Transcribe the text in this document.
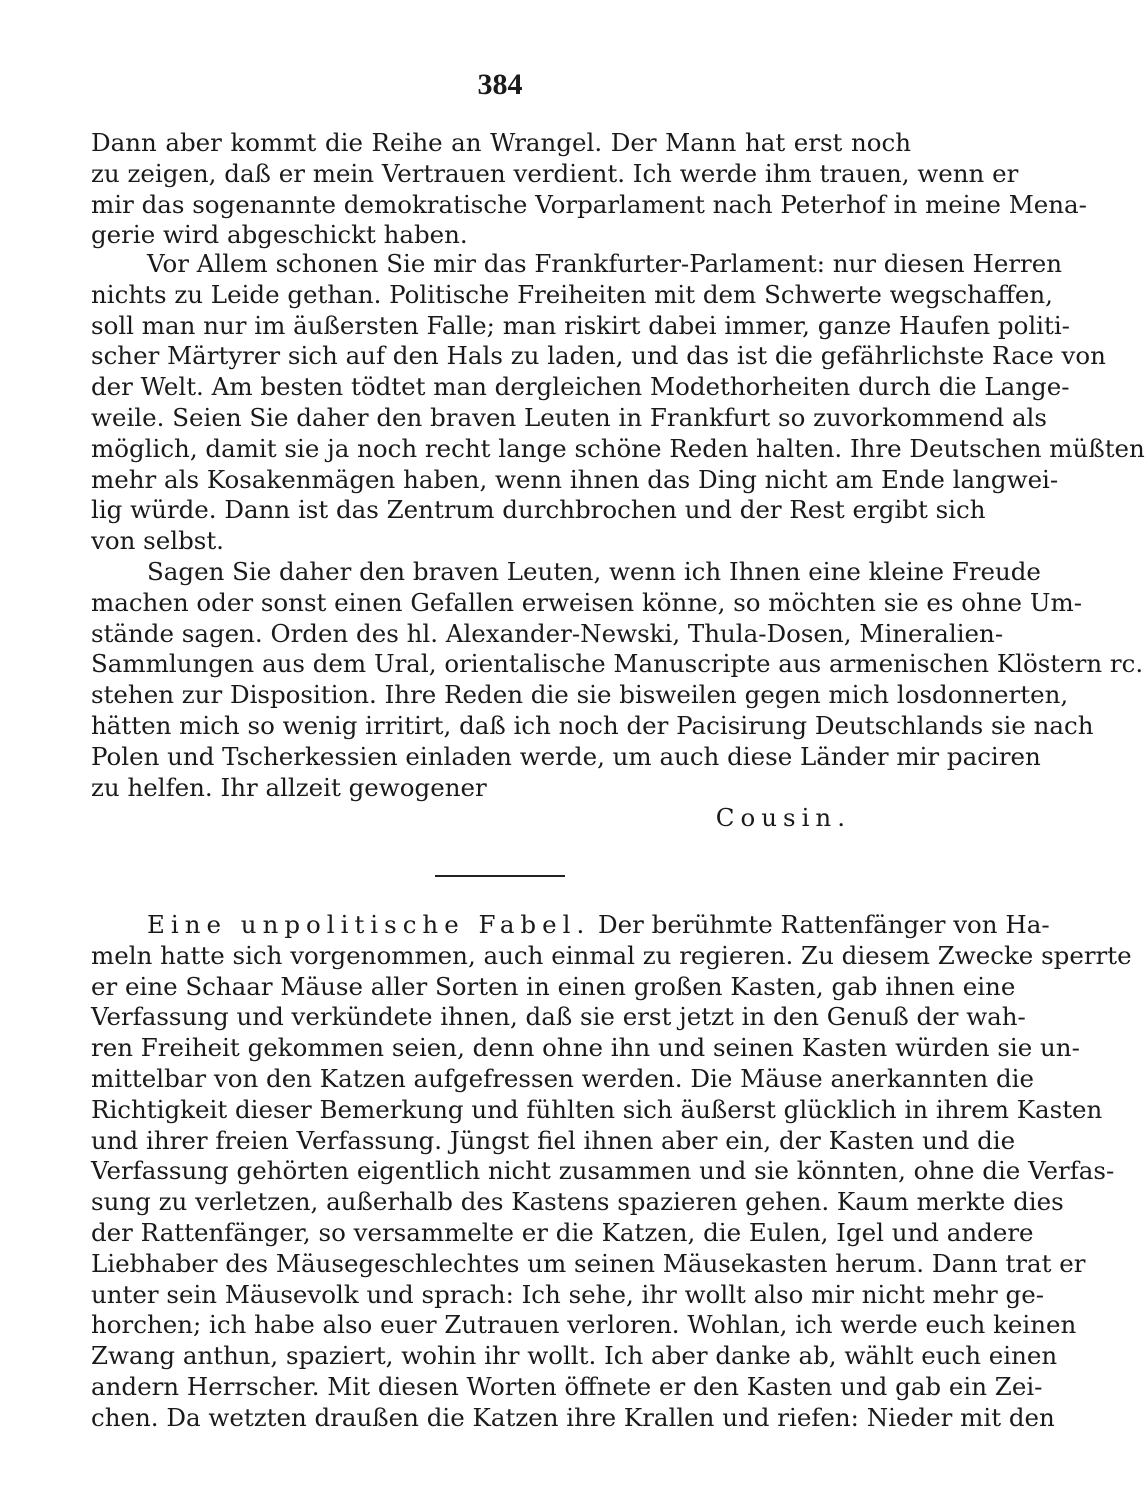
384
Dann aber kommt die Reihe an Wrangel. Der Mann hat erst noch
zu zeigen, daß er mein Vertrauen verdient. Ich werde ihm trauen, wenn er
mir das sogenannte demokratische Vorparlament nach Peterhof in meine Mena-
gerie wird abgeschickt haben.
Vor Allem schonen Sie mir das Frankfurter-Parlament: nur diesen Herren
nichts zu Leide gethan. Politische Freiheiten mit dem Schwerte wegschaffen,
soll man nur im äußersten Falle; man riskirt dabei immer, ganze Haufen politi-
scher Märtyrer sich auf den Hals zu laden, und das ist die gefährlichste Race von
der Welt. Am besten tödtet man dergleichen Modethorheiten durch die Lange-
weile. Seien Sie daher den braven Leuten in Frankfurt so zuvorkommend als
möglich, damit sie ja noch recht lange schöne Reden halten. Ihre Deutschen müßten
mehr als Kosakenmägen haben, wenn ihnen das Ding nicht am Ende langwei-
lig würde. Dann ist das Zentrum durchbrochen und der Rest ergibt sich
von selbst.
Sagen Sie daher den braven Leuten, wenn ich Ihnen eine kleine Freude
machen oder sonst einen Gefallen erweisen könne, so möchten sie es ohne Um-
stände sagen. Orden des hl. Alexander-Newski, Thula-Dosen, Mineralien-
Sammlungen aus dem Ural, orientalische Manuscripte aus armenischen Klöstern rc.
stehen zur Disposition. Ihre Reden die sie bisweilen gegen mich losdonnerten,
hätten mich so wenig irritirt, daß ich noch der Pacisirung Deutschlands sie nach
Polen und Tscherkessien einladen werde, um auch diese Länder mir paciren
zu helfen. Ihr allzeit gewogener
Cousin.
Eine unpolitische Fabel. Der berühmte Rattenfänger von Ha-
meln hatte sich vorgenommen, auch einmal zu regieren. Zu diesem Zwecke sperrte
er eine Schaar Mäuse aller Sorten in einen großen Kasten, gab ihnen eine
Verfassung und verkündete ihnen, daß sie erst jetzt in den Genuß der wah-
ren Freiheit gekommen seien, denn ohne ihn und seinen Kasten würden sie un-
mittelbar von den Katzen aufgefressen werden. Die Mäuse anerkannten die
Richtigkeit dieser Bemerkung und fühlten sich äußerst glücklich in ihrem Kasten
und ihrer freien Verfassung. Jüngst fiel ihnen aber ein, der Kasten und die
Verfassung gehörten eigentlich nicht zusammen und sie könnten, ohne die Verfas-
sung zu verletzen, außerhalb des Kastens spazieren gehen. Kaum merkte dies
der Rattenfänger, so versammelte er die Katzen, die Eulen, Igel und andere
Liebhaber des Mäusegeschlechtes um seinen Mäusekasten herum. Dann trat er
unter sein Mäusevolk und sprach: Ich sehe, ihr wollt also mir nicht mehr ge-
horchen; ich habe also euer Zutrauen verloren. Wohlan, ich werde euch keinen
Zwang anthun, spaziert, wohin ihr wollt. Ich aber danke ab, wählt euch einen
andern Herrscher. Mit diesen Worten öffnete er den Kasten und gab ein Zei-
chen. Da wetzten draußen die Katzen ihre Krallen und riefen: Nieder mit den
